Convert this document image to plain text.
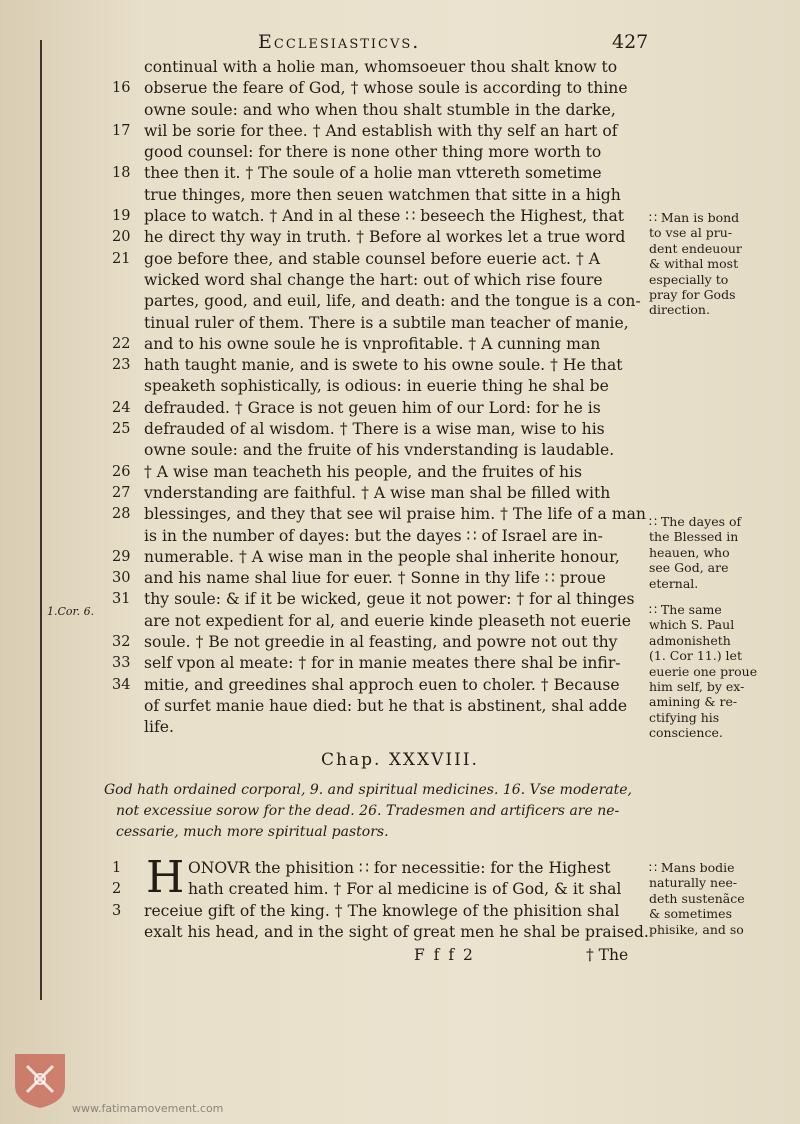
Ecclesiasticvs.	427
1.Cor. 6.
continual with a holie man, whomsoeuer thou shalt know to
16 obserue the feare of God, † whose soule is according to thine
owne soule: and who when thou shalt stumble in the darke,
17 wil be sorie for thee. † And establish with thy self an hart of
good counsel: for there is none other thing more worth to
18 thee then it. † The soule of a holie man vttereth sometime
true thinges, more then seuen watchmen that sitte in a high
19 place to watch. † And in al these ∷ beseech the Highest, that
20 he direct thy way in truth. † Before al workes let a true word
21 goe before thee, and stable counsel before euerie act. † A
wicked word shal change the hart: out of which rise foure
partes, good, and euil, life, and death: and the tongue is a con-
tinual ruler of them. There is a subtile man teacher of manie,
22 and to his owne soule he is vnprofitable. † A cunning man
23 hath taught manie, and is swete to his owne soule. † He that
speaketh sophistically, is odious: in euerie thing he shal be
24 defrauded. † Grace is not geuen him of our Lord: for he is
25 defrauded of al wisdom. † There is a wise man, wise to his
owne soule: and the fruite of his vnderstanding is laudable.
26 † A wise man teacheth his people, and the fruites of his
27 vnderstanding are faithful. † A wise man shal be filled with
28 blessinges, and they that see wil praise him. † The life of a man
is in the number of dayes: but the dayes ∷ of Israel are in-
29 numerable. † A wise man in the people shal inherite honour,
30 and his name shal liue for euer. † Sonne in thy life ∷ proue
31 thy soule: & if it be wicked, geue it not power: † for al thinges
are not expedient for al, and euerie kinde pleaseth not euerie
32 soule. † Be not greedie in al feasting, and powre not out thy
33 self vpon al meate: † for in manie meates there shal be infir-
34 mitie, and greedines shal approch euen to choler. † Because
of surfet manie haue died: but he that is abstinent, shal adde
life.
∷ Man is bond
to vse al pru-
dent endeuour
& withal most
especially to
pray for Gods
direction.
∷ The dayes of
the Blessed in
heauen, who
see God, are
eternal.
∷ The same
which S. Paul
admonisheth
(1. Cor 11.) let
euerie one proue
him self, by ex-
amining & re-
ctifying his
conscience.
∷ Mans bodie
naturally nee-
deth sustenãce
& sometimes
phisike, and so
Chap. XXXVIII.
God hath ordained corporal, 9. and spiritual medicines. 16. Vse moderate,
not excessiue sorow for the dead. 26. Tradesmen and artificers are ne-
cessarie, much more spiritual pastors.
H
1	ONOVR the phisition ∷ for necessitie: for the Highest
2	hath created him. † For al medicine is of God, & it shal
3	receiue gift of the king. † The knowlege of the phisition shal
exalt his head, and in the sight of great men he shal be praised.
F f f 2	† The
www.fatimamovement.com
